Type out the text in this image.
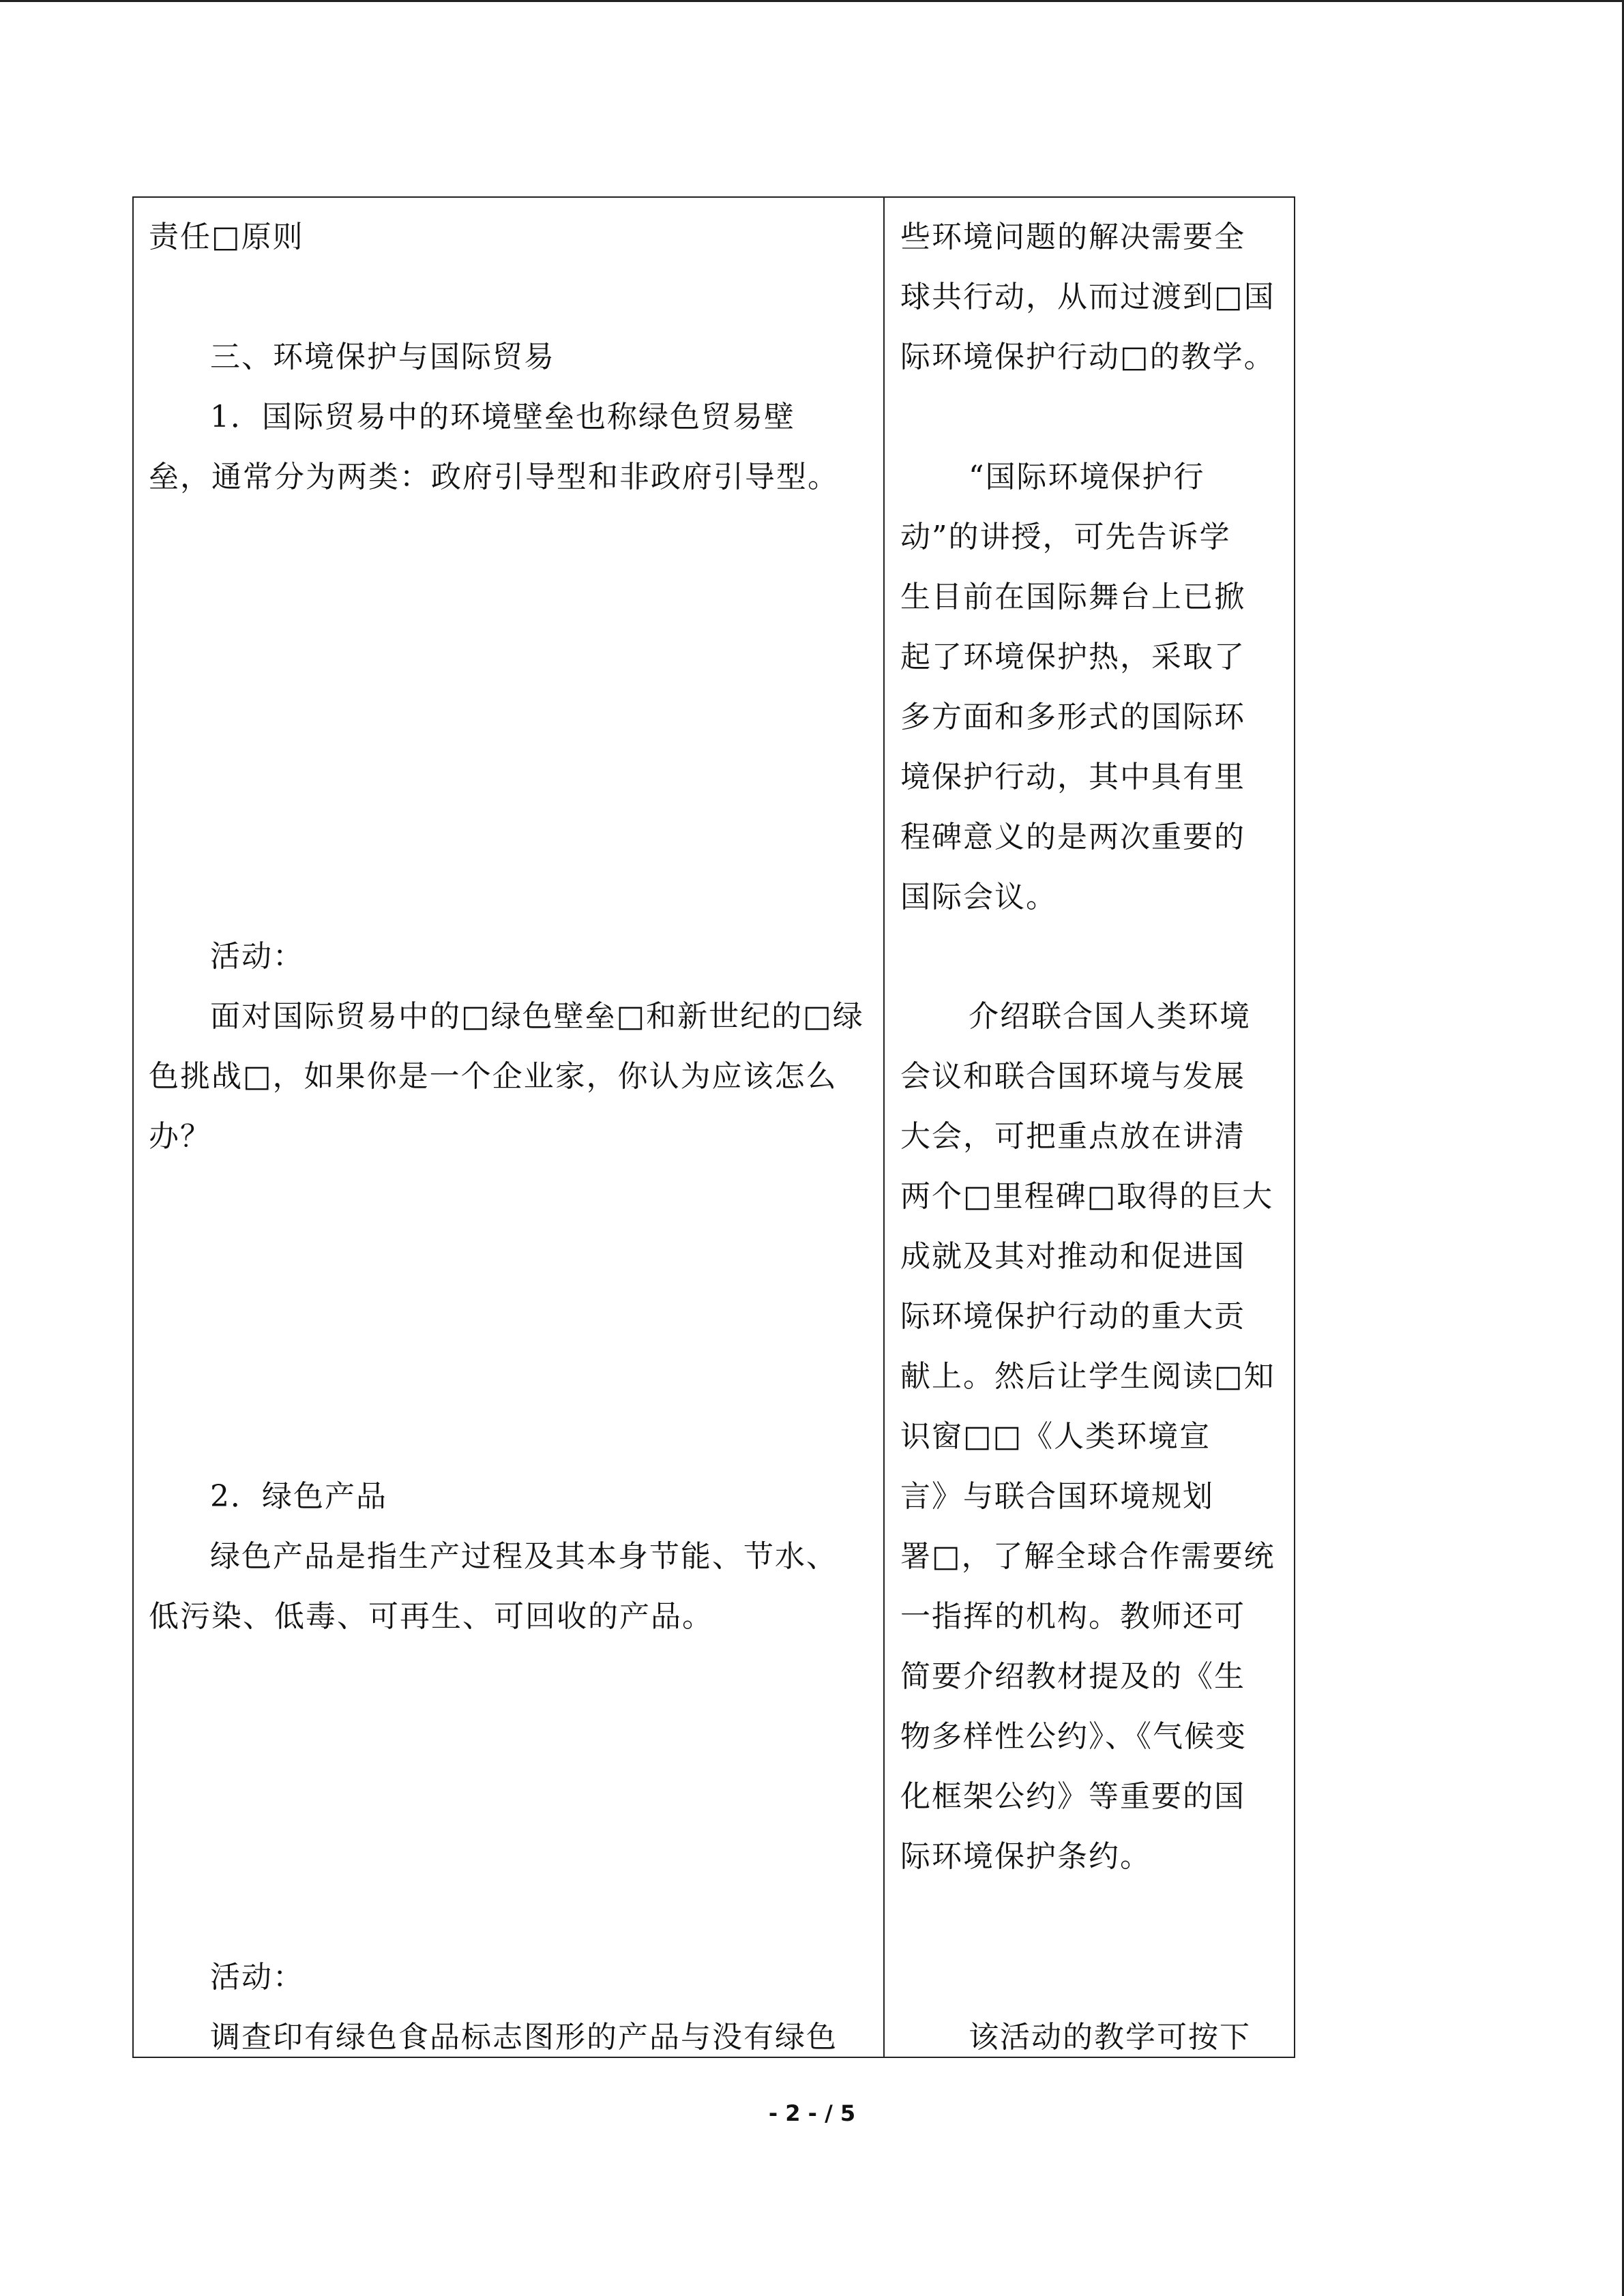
责任□原则
三、环境保护与国际贸易
1．国际贸易中的环境壁垒也称绿色贸易壁
垒，通常分为两类：政府引导型和非政府引导型。
活动：
面对国际贸易中的□绿色壁垒□和新世纪的□绿
色挑战□，如果你是一个企业家，你认为应该怎么
办？
2．绿色产品
绿色产品是指生产过程及其本身节能、节水、
低污染、低毒、可再生、可回收的产品。
活动：
调查印有绿色食品标志图形的产品与没有绿色
些环境问题的解决需要全
球共行动，从而过渡到□国
际环境保护行动□的教学。
“国际环境保护行
动”的讲授，可先告诉学
生目前在国际舞台上已掀
起了环境保护热，采取了
多方面和多形式的国际环
境保护行动，其中具有里
程碑意义的是两次重要的
国际会议。
介绍联合国人类环境
会议和联合国环境与发展
大会，可把重点放在讲清
两个□里程碑□取得的巨大
成就及其对推动和促进国
际环境保护行动的重大贡
献上。然后让学生阅读□知
识窗□□《人类环境宣
言》与联合国环境规划
署□，了解全球合作需要统
一指挥的机构。教师还可
简要介绍教材提及的《生
物多样性公约》、《气候变
化框架公约》等重要的国
际环境保护条约。
该活动的教学可按下
- 2 - / 5
